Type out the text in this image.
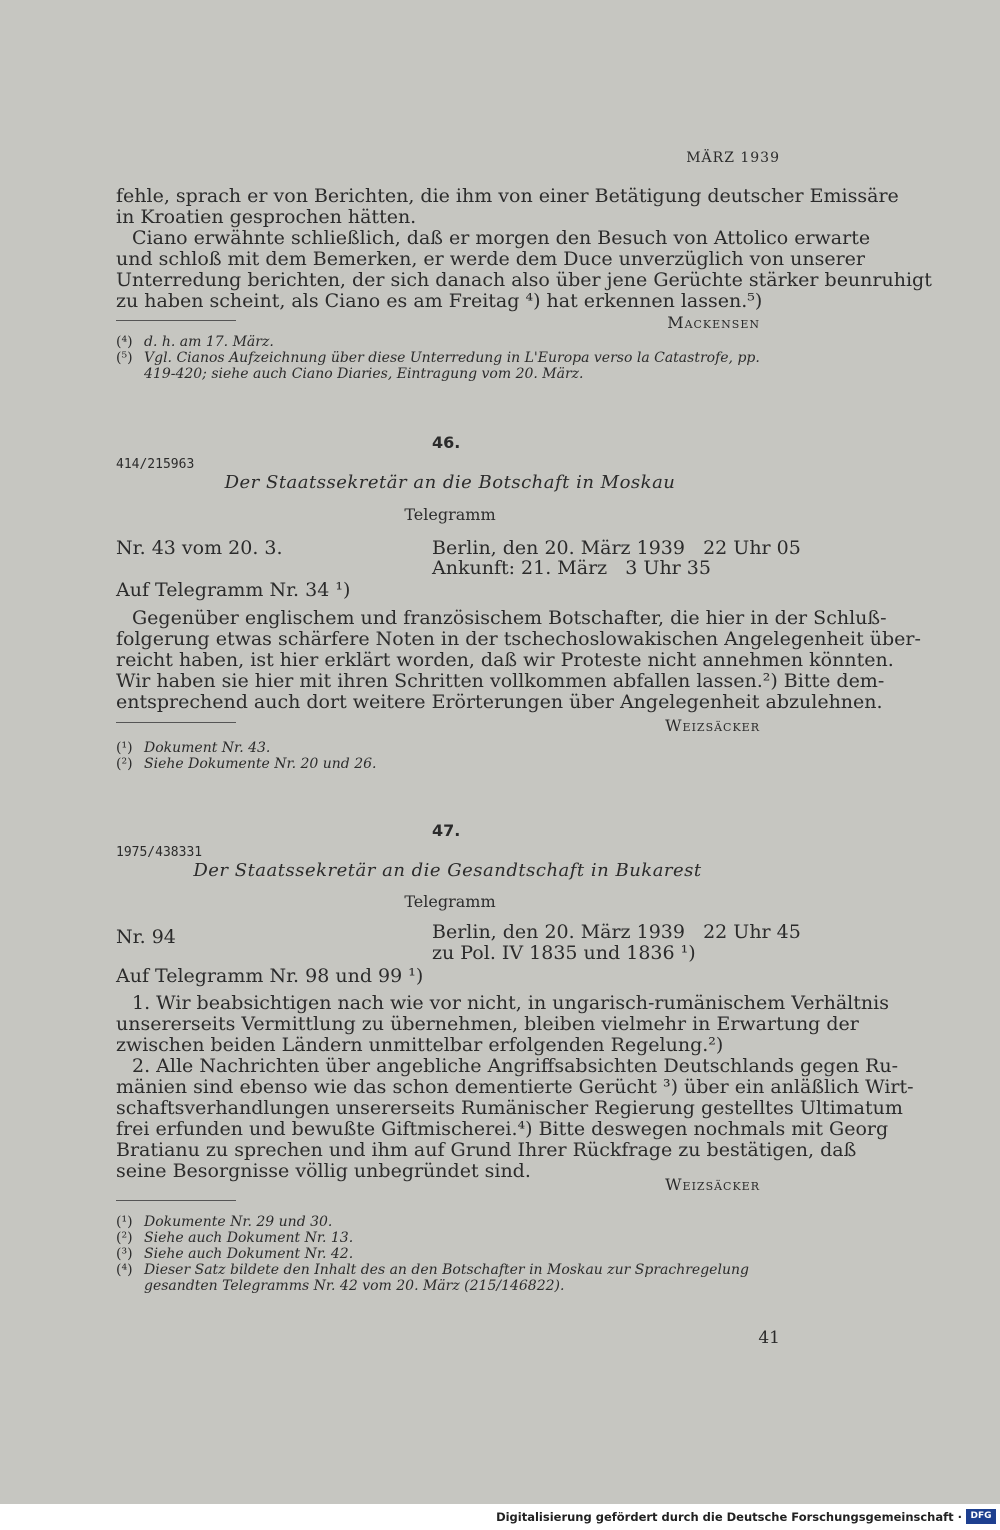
MÄRZ 1939
fehle, sprach er von Berichten, die ihm von einer Betätigung deutscher Emissäre
in Kroatien gesprochen hätten.
Ciano erwähnte schließlich, daß er morgen den Besuch von Attolico erwarte
und schloß mit dem Bemerken, er werde dem Duce unverzüglich von unserer
Unterredung berichten, der sich danach also über jene Gerüchte stärker beunruhigt
zu haben scheint, als Ciano es am Freitag ⁴) hat erkennen lassen.⁵)
Mackensen
(⁴) d. h. am 17. März.
(⁵) Vgl. Cianos Aufzeichnung über diese Unterredung in L'Europa verso la Catastrofe, pp. 419-420; siehe auch Ciano Diaries, Eintragung vom 20. März.
46.
414/215963
Der Staatssekretär an die Botschaft in Moskau
Telegramm
Nr. 43 vom 20. 3.	Berlin, den 20. März 1939   22 Uhr 05
Ankunft: 21. März   3 Uhr 35
Auf Telegramm Nr. 34 ¹)
Gegenüber englischem und französischem Botschafter, die hier in der Schluß-
folgerung etwas schärfere Noten in der tschechoslowakischen Angelegenheit über-
reicht haben, ist hier erklärt worden, daß wir Proteste nicht annehmen könnten.
Wir haben sie hier mit ihren Schritten vollkommen abfallen lassen.²) Bitte dem-
entsprechend auch dort weitere Erörterungen über Angelegenheit abzulehnen.
Weizsäcker
(¹) Dokument Nr. 43.
(²) Siehe Dokumente Nr. 20 und 26.
47.
1975/438331
Der Staatssekretär an die Gesandtschaft in Bukarest
Telegramm
Nr. 94	Berlin, den 20. März 1939   22 Uhr 45
zu Pol. IV 1835 und 1836 ¹)
Auf Telegramm Nr. 98 und 99 ¹)
1. Wir beabsichtigen nach wie vor nicht, in ungarisch-rumänischem Verhältnis
unsererseits Vermittlung zu übernehmen, bleiben vielmehr in Erwartung der
zwischen beiden Ländern unmittelbar erfolgenden Regelung.²)
2. Alle Nachrichten über angebliche Angriffsabsichten Deutschlands gegen Ru-
mänien sind ebenso wie das schon dementierte Gerücht ³) über ein anläßlich Wirt-
schaftsverhandlungen unsererseits Rumänischer Regierung gestelltes Ultimatum
frei erfunden und bewußte Giftmischerei.⁴) Bitte deswegen nochmals mit Georg
Bratianu zu sprechen und ihm auf Grund Ihrer Rückfrage zu bestätigen, daß
seine Besorgnisse völlig unbegründet sind.
Weizsäcker
(¹) Dokumente Nr. 29 und 30.
(²) Siehe auch Dokument Nr. 13.
(³) Siehe auch Dokument Nr. 42.
(⁴) Dieser Satz bildete den Inhalt des an den Botschafter in Moskau zur Sprachregelung gesandten Telegramms Nr. 42 vom 20. März (215/146822).
41
Digitalisierung gefördert durch die Deutsche Forschungsgemeinschaft · DFG
